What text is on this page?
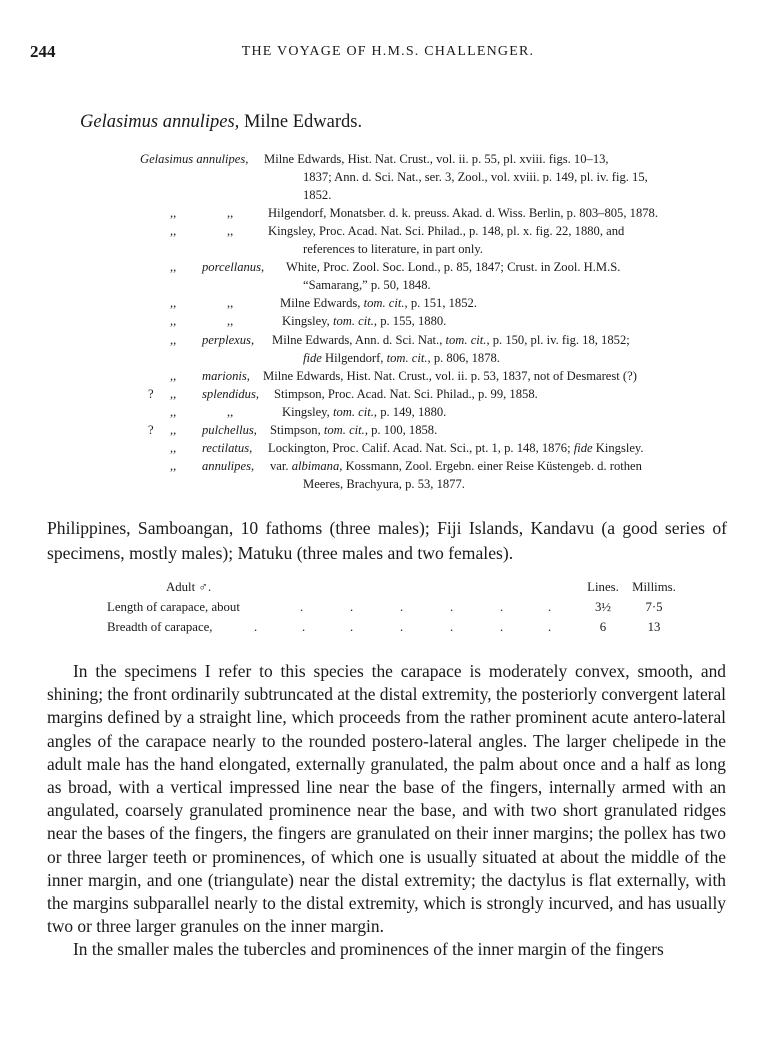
244	THE VOYAGE OF H.M.S. CHALLENGER.
Gelasimus annulipes, Milne Edwards.
Gelasimus annulipes, Milne Edwards, Hist. Nat. Crust., vol. ii. p. 55, pl. xviii. figs. 10–13,
1837; Ann. d. Sci. Nat., ser. 3, Zool., vol. xviii. p. 149, pl. iv. fig. 15,
1852.
,,	,,	Hilgendorf, Monatsber. d. k. preuss. Akad. d. Wiss. Berlin, p. 803–805, 1878.
,,	,,	Kingsley, Proc. Acad. Nat. Sci. Philad., p. 148, pl. x. fig. 22, 1880, and
references to literature, in part only.
,, porcellanus, White, Proc. Zool. Soc. Lond., p. 85, 1847; Crust. in Zool. H.M.S.
“Samarang,” p. 50, 1848.
,,	,,	Milne Edwards, tom. cit., p. 151, 1852.
,,	,,	Kingsley, tom. cit., p. 155, 1880.
,, perplexus, Milne Edwards, Ann. d. Sci. Nat., tom. cit., p. 150, pl. iv. fig. 18, 1852;
fide Hilgendorf, tom. cit., p. 806, 1878.
,, marionis, Milne Edwards, Hist. Nat. Crust., vol. ii. p. 53, 1837, not of Desmarest (?)
? ,, splendidus, Stimpson, Proc. Acad. Nat. Sci. Philad., p. 99, 1858.
,,	,,	Kingsley, tom. cit., p. 149, 1880.
? ,, pulchellus, Stimpson, tom. cit., p. 100, 1858.
,, rectilatus, Lockington, Proc. Calif. Acad. Nat. Sci., pt. 1, p. 148, 1876; fide Kingsley.
,, annulipes, var. albimana, Kossmann, Zool. Ergebn. einer Reise Küstengeb. d. rothen
Meeres, Brachyura, p. 53, 1877.
Philippines, Samboangan, 10 fathoms (three males); Fiji Islands, Kandavu (a good series of specimens, mostly males); Matuku (three males and two females).
Adult ♂.	Lines.	Millims.
Length of carapace, about	.	.	.	.	.	.	3½	7·5
Breadth of carapace,	.	.	.	.	.	.	.	6	13

In the specimens I refer to this species the carapace is moderately convex, smooth, and shining; the front ordinarily subtruncated at the distal extremity, the posteriorly convergent lateral margins defined by a straight line, which proceeds from the rather prominent acute antero-lateral angles of the carapace nearly to the rounded postero-lateral angles. The larger chelipede in the adult male has the hand elongated, externally granulated, the palm about once and a half as long as broad, with a vertical impressed line near the base of the fingers, internally armed with an angulated, coarsely granulated prominence near the base, and with two short granulated ridges near the bases of the fingers, the fingers are granulated on their inner margins; the pollex has two or three larger teeth or prominences, of which one is usually situated at about the middle of the inner margin, and one (triangulate) near the distal extremity; the dactylus is flat externally, with the margins subparallel nearly to the distal extremity, which is strongly incurved, and has usually two or three larger granules on the inner margin.

In the smaller males the tubercles and prominences of the inner margin of the fingers
